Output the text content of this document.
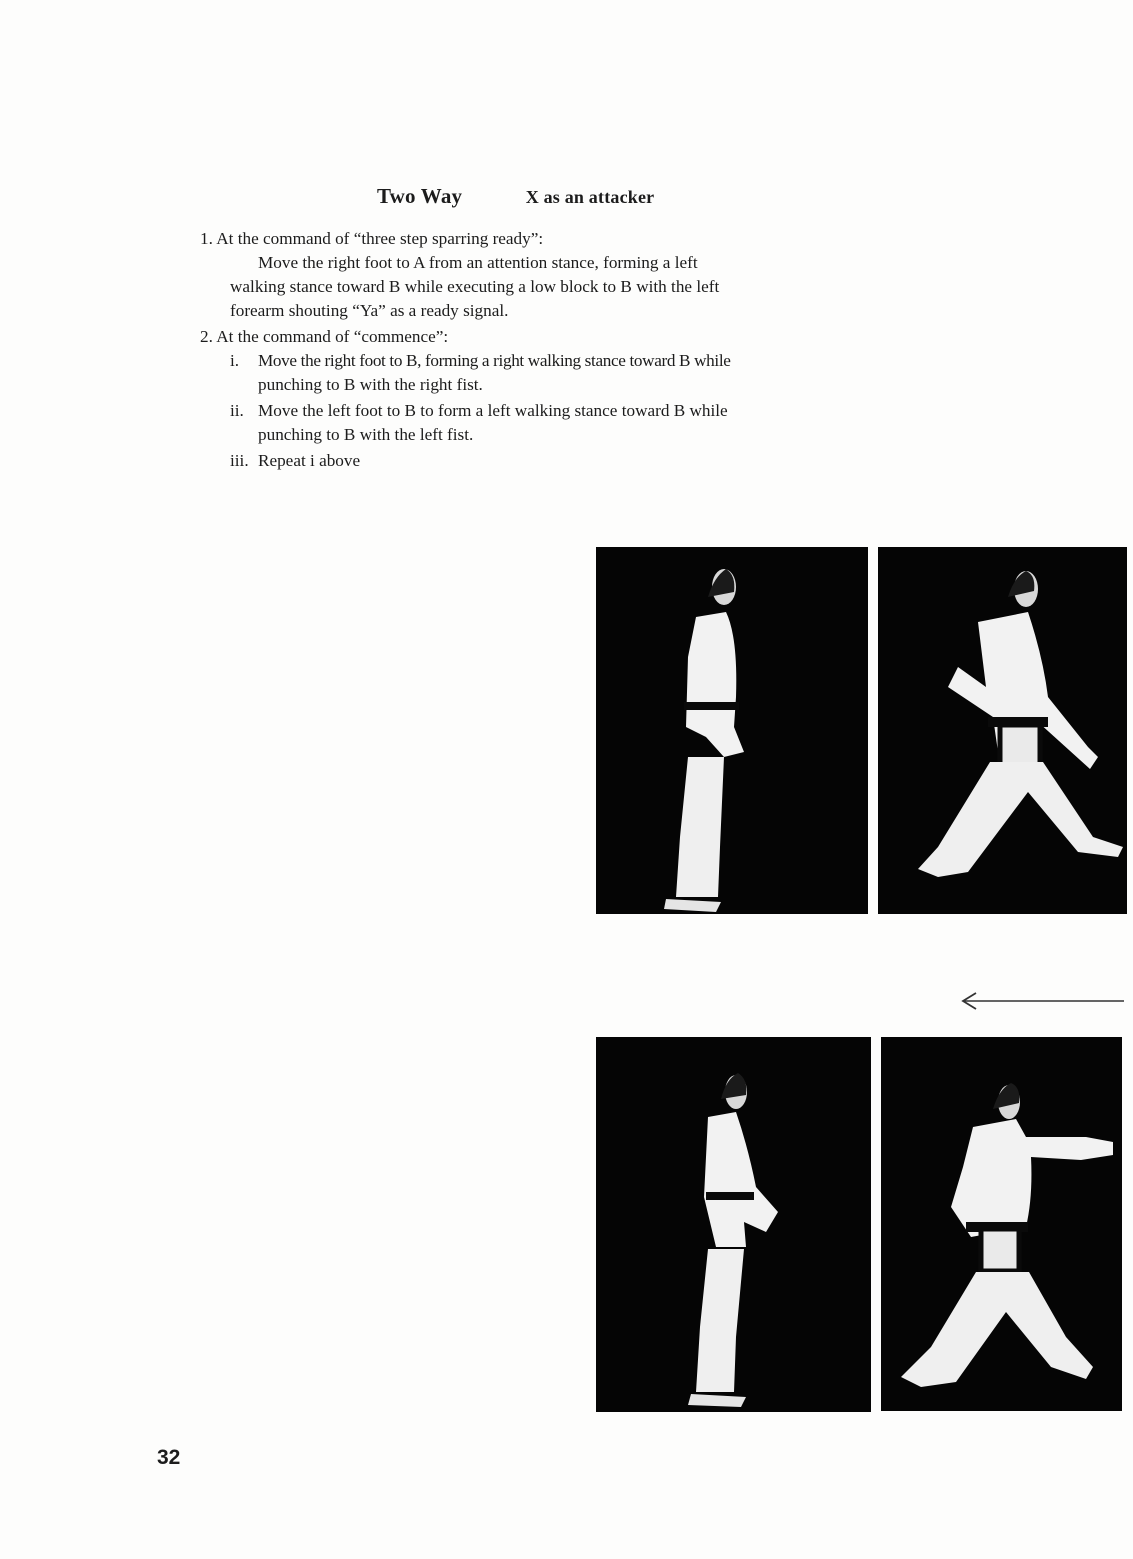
Two Way	X as an attacker
1. At the command of “three step sparring ready”:
Move the right foot to A from an attention stance, forming a left
walking stance toward B while executing a low block to B with the left
forearm shouting “Ya” as a ready signal.
2. At the command of “commence”:
i. Move the right foot to B, forming a right walking stance toward B while
punching to B with the right fist.
ii. Move the left foot to B to form a left walking stance toward B while
punching to B with the left fist.
iii. Repeat i above
32
